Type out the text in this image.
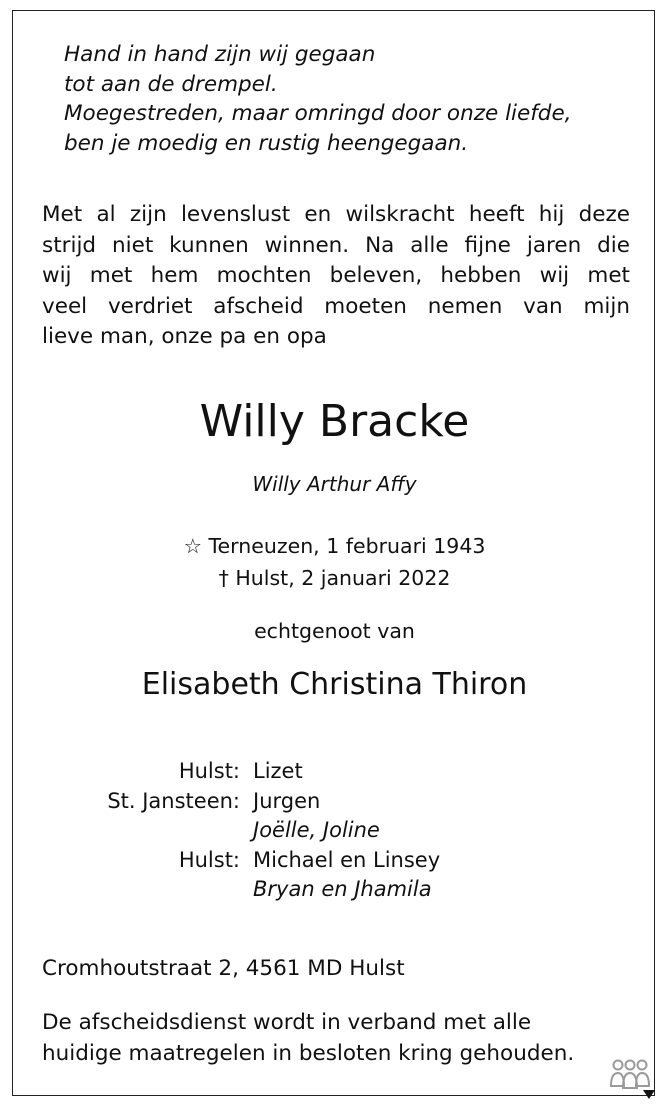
Hand in hand zijn wij gegaan
tot aan de drempel.
Moegestreden, maar omringd door onze liefde,
ben je moedig en rustig heengegaan.
Met al zijn levenslust en wilskracht heeft hij deze
strijd niet kunnen winnen. Na alle fijne jaren die
wij met hem mochten beleven, hebben wij met
veel verdriet afscheid moeten nemen van mijn
lieve man, onze pa en opa
Willy Bracke
Willy Arthur Affy
☆ Terneuzen, 1 februari 1943
† Hulst, 2 januari 2022
echtgenoot van
Elisabeth Christina Thiron
Hulst: Lizet
St. Jansteen: Jurgen
Joëlle, Joline
Hulst: Michael en Linsey
Bryan en Jhamila
Cromhoutstraat 2, 4561 MD Hulst
De afscheidsdienst wordt in verband met alle
huidige maatregelen in besloten kring gehouden.
